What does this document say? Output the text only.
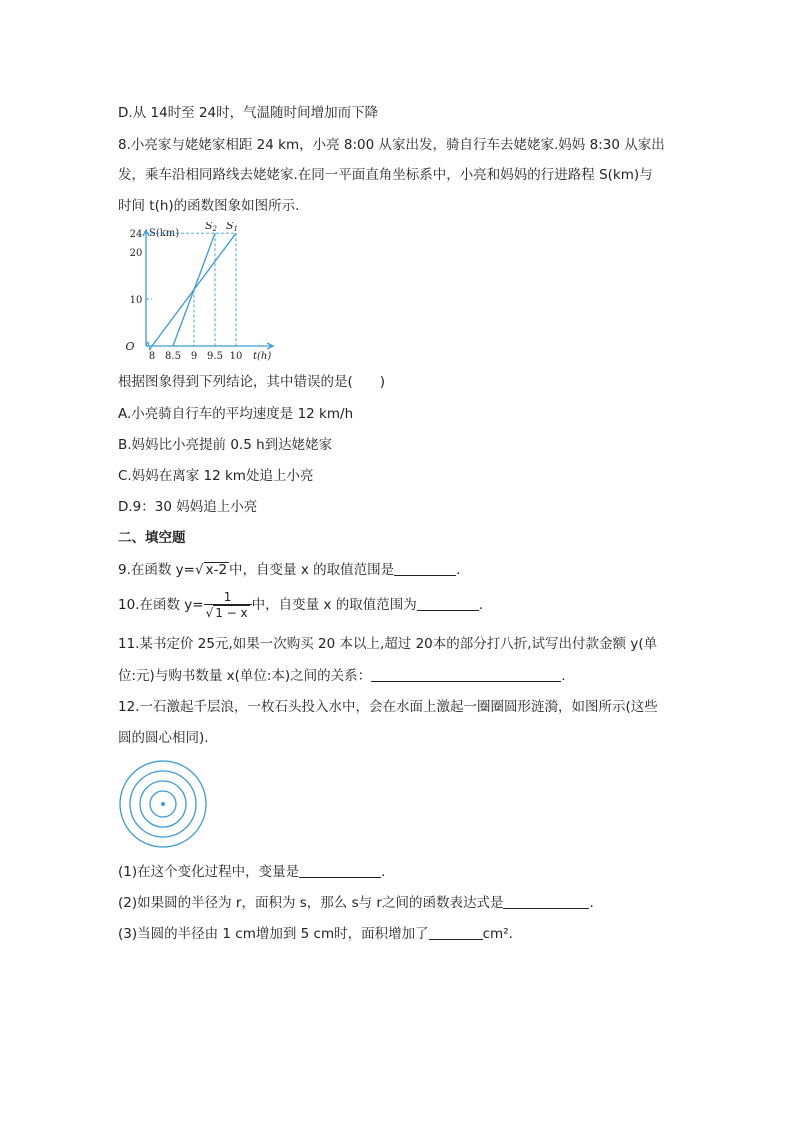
D.从 14时至 24时，气温随时间增加而下降
8.小亮家与姥姥家相距 24 km，小亮 8:00 从家出发，骑自行车去姥姥家.妈妈 8:30 从家出
发，乘车沿相同路线去姥姥家.在同一平面直角坐标系中，小亮和妈妈的行进路程 S(km)与
时间 t(h)的函数图象如图所示.
S(km)
t(h)
O
8 8.5 9 9.5 10
10
20
24
S2 S1
根据图象得到下列结论，其中错误的是(　　)
A.小亮骑自行车的平均速度是 12 km/h
B.妈妈比小亮提前 0.5 h到达姥姥家
C.妈妈在离家 12 km处追上小亮
D.9：30 妈妈追上小亮
二、填空题
9.在函数 y=√ x-2 中，自变量 x 的取值范围是	.
10.在函数 $y= \frac{1}{√ 1 - x}$ 中，自变量 x 的取值范围为	.
11.某书定价 25元,如果一次购买 20 本以上,超过 20本的部分打八折,试写出付款金额 y(单
位:元)与购书数量 x(单位:本)之间的关系：	.
12.一石激起千层浪，一枚石头投入水中，会在水面上激起一圈圈圆形涟漪，如图所示(这些
圆的圆心相同).
(1)在这个变化过程中，变量是	.
(2)如果圆的半径为 r，面积为 s，那么 s与 r之间的函数表达式是	.
(3)当圆的半径由 1 cm增加到 5 cm时，面积增加了	cm².
